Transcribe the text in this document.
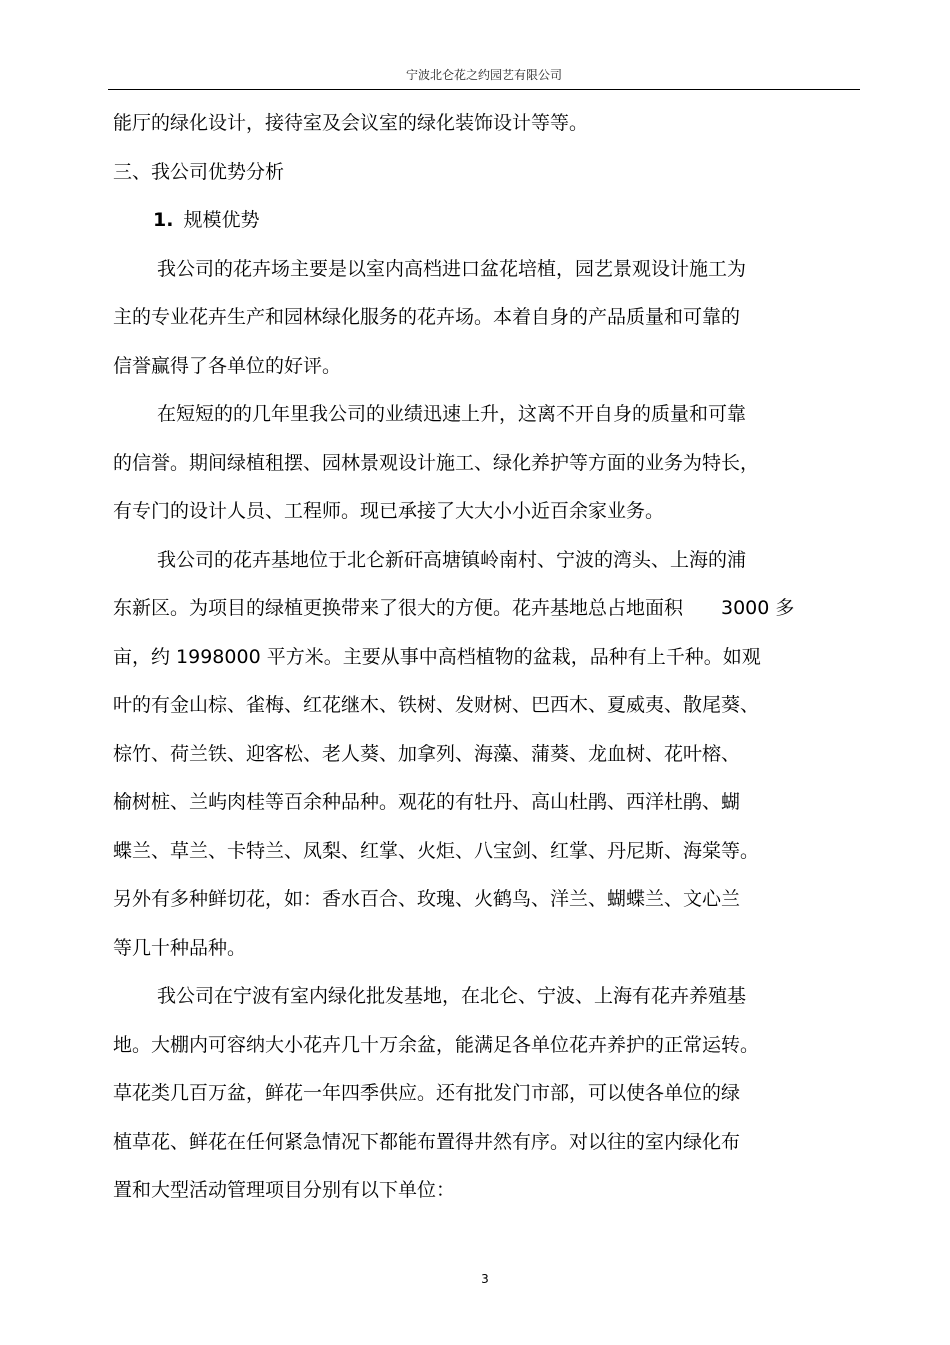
宁波北仑花之约园艺有限公司

能厅的绿化设计，接待室及会议室的绿化装饰设计等等。

三、我公司优势分析

1. 规模优势

我公司的花卉场主要是以室内高档进口盆花培植，园艺景观设计施工为

主的专业花卉生产和园林绿化服务的花卉场。本着自身的产品质量和可靠的

信誉赢得了各单位的好评。

在短短的的几年里我公司的业绩迅速上升，这离不开自身的质量和可靠

的信誉。期间绿植租摆、园林景观设计施工、绿化养护等方面的业务为特长，

有专门的设计人员、工程师。现已承接了大大小小近百余家业务。

我公司的花卉基地位于北仑新矸高塘镇岭南村、宁波的湾头、上海的浦

东新区。为项目的绿植更换带来了很大的方便。花卉基地总占地面积　　3000 多

亩，约 1998000 平方米。主要从事中高档植物的盆栽，品种有上千种。如观

叶的有金山棕、雀梅、红花继木、铁树、发财树、巴西木、夏威夷、散尾葵、

棕竹、荷兰铁、迎客松、老人葵、加拿列、海藻、蒲葵、龙血树、花叶榕、

榆树桩、兰屿肉桂等百余种品种。观花的有牡丹、高山杜鹃、西洋杜鹃、蝴

蝶兰、草兰、卡特兰、凤梨、红掌、火炬、八宝剑、红掌、丹尼斯、海棠等。

另外有多种鲜切花，如：香水百合、玫瑰、火鹤鸟、洋兰、蝴蝶兰、文心兰

等几十种品种。

我公司在宁波有室内绿化批发基地，在北仑、宁波、上海有花卉养殖基

地。大棚内可容纳大小花卉几十万余盆，能满足各单位花卉养护的正常运转。

草花类几百万盆，鲜花一年四季供应。还有批发门市部，可以使各单位的绿

植草花、鲜花在任何紧急情况下都能布置得井然有序。对以往的室内绿化布

置和大型活动管理项目分别有以下单位：

3
